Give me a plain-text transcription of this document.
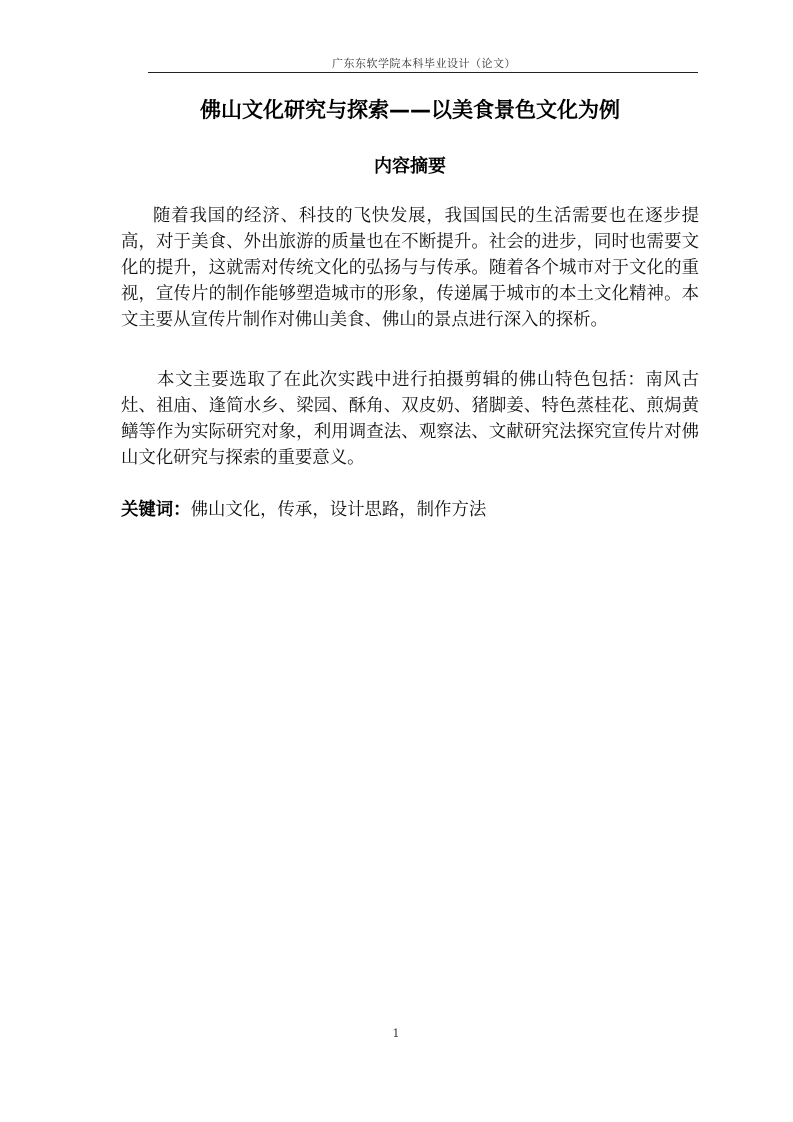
广东东软学院本科毕业设计（论文）
佛山文化研究与探索——以美食景色文化为例
内容摘要

随着我国的经济、科技的飞快发展，我国国民的生活需要也在逐步提高，对于美食、外出旅游的质量也在不断提升。社会的进步，同时也需要文化的提升，这就需对传统文化的弘扬与与传承。随着各个城市对于文化的重视，宣传片的制作能够塑造城市的形象，传递属于城市的本土文化精神。本文主要从宣传片制作对佛山美食、佛山的景点进行深入的探析。

本文主要选取了在此次实践中进行拍摄剪辑的佛山特色包括：南风古灶、祖庙、逢简水乡、梁园、酥角、双皮奶、猪脚姜、特色蒸桂花、煎焗黄鳝等作为实际研究对象，利用调查法、观察法、文献研究法探究宣传片对佛山文化研究与探索的重要意义。

关键词：佛山文化，传承，设计思路，制作方法
1
